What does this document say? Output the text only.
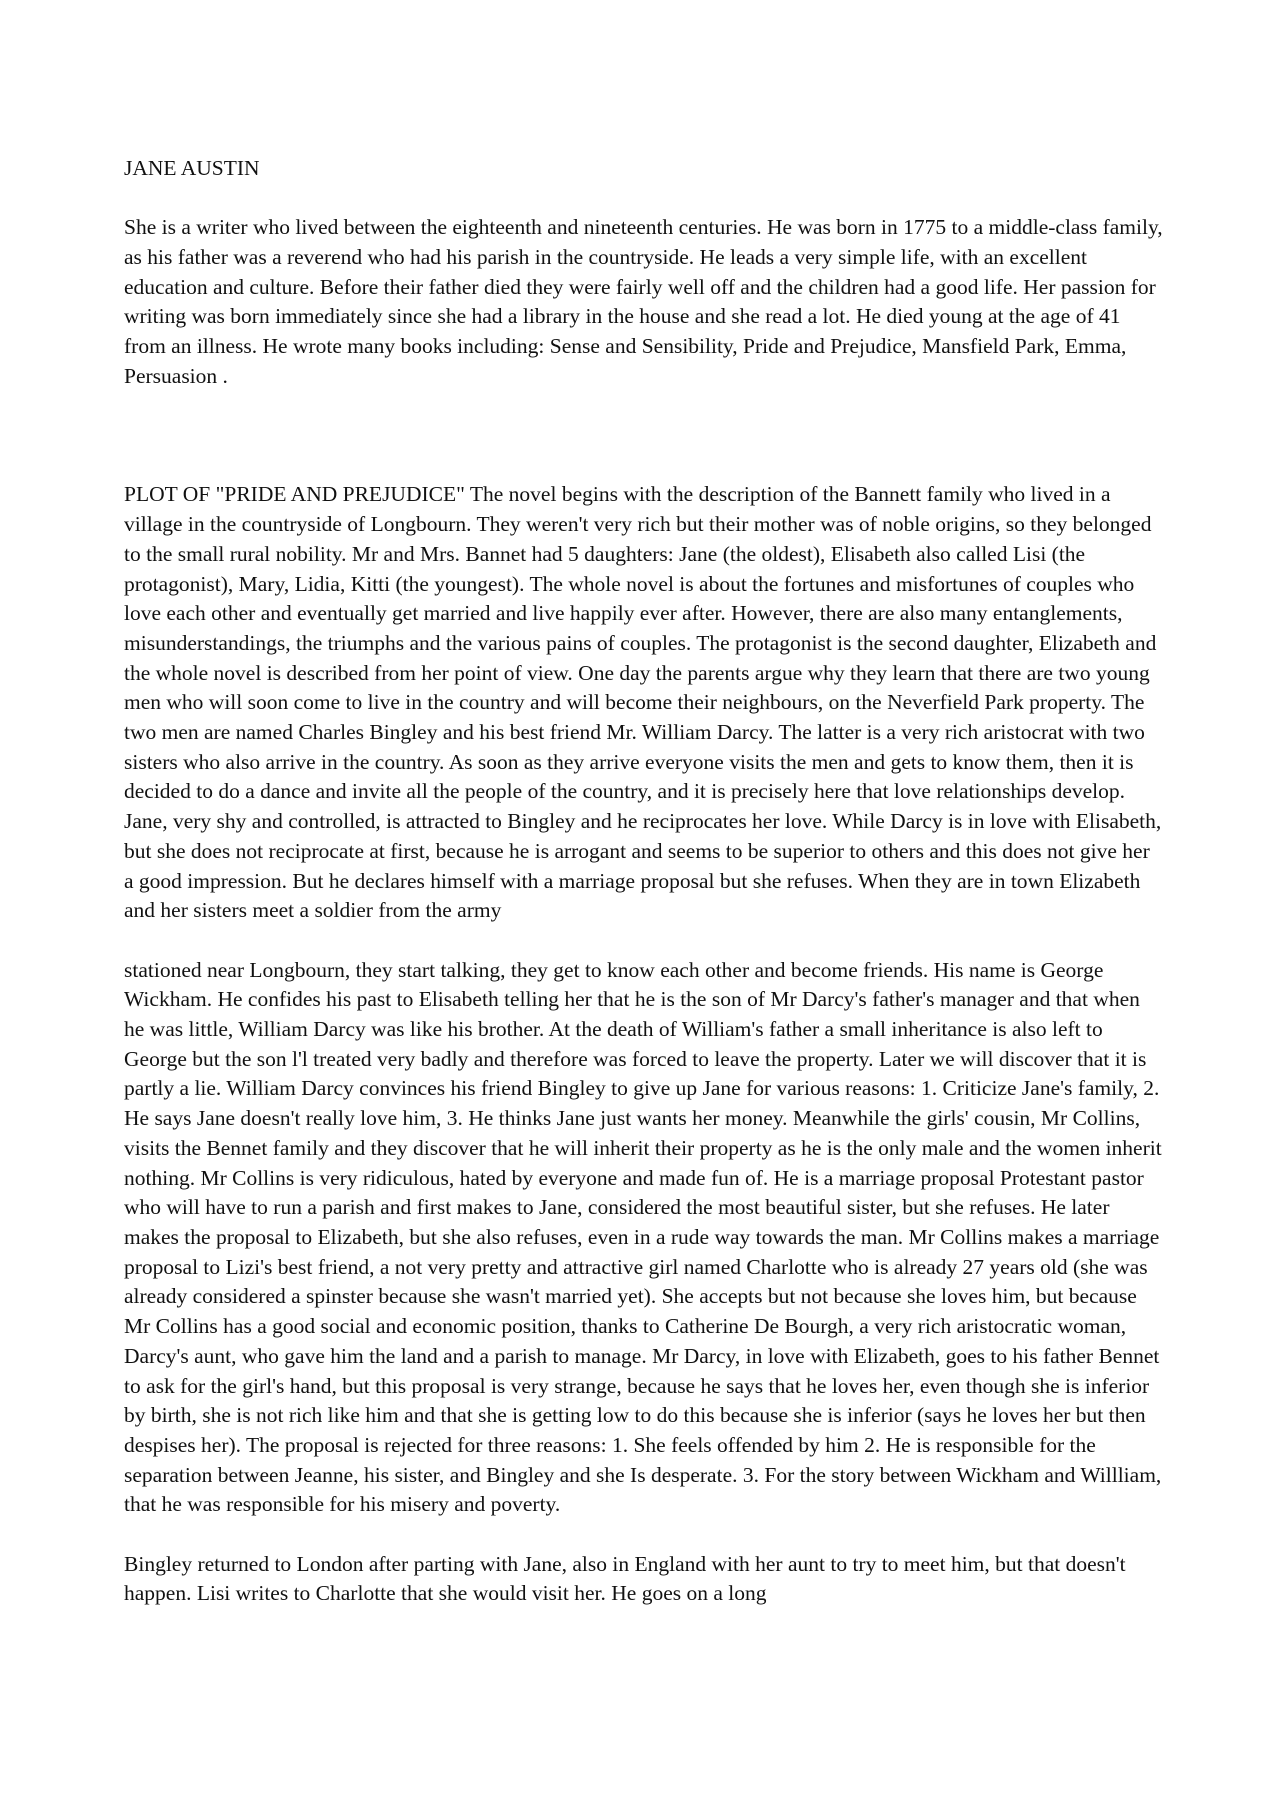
JANE AUSTIN

She is a writer who lived between the eighteenth and nineteenth centuries. He was born in 1775 to a middle-class family, as his father was a reverend who had his parish in the countryside. He leads a very simple life, with an excellent education and culture. Before their father died they were fairly well off and the children had a good life. Her passion for writing was born immediately since she had a library in the house and she read a lot. He died young at the age of 41 from an illness. He wrote many books including: Sense and Sensibility, Pride and Prejudice, Mansfield Park, Emma, Persuasion .

PLOT OF "PRIDE AND PREJUDICE" The novel begins with the description of the Bannett family who lived in a village in the countryside of Longbourn. They weren't very rich but their mother was of noble origins, so they belonged to the small rural nobility. Mr and Mrs. Bannet had 5 daughters: Jane (the oldest), Elisabeth also called Lisi (the protagonist), Mary, Lidia, Kitti (the youngest). The whole novel is about the fortunes and misfortunes of couples who love each other and eventually get married and live happily ever after. However, there are also many entanglements, misunderstandings, the triumphs and the various pains of couples. The protagonist is the second daughter, Elizabeth and the whole novel is described from her point of view. One day the parents argue why they learn that there are two young men who will soon come to live in the country and will become their neighbours, on the Neverfield Park property. The two men are named Charles Bingley and his best friend Mr. William Darcy. The latter is a very rich aristocrat with two sisters who also arrive in the country. As soon as they arrive everyone visits the men and gets to know them, then it is decided to do a dance and invite all the people of the country, and it is precisely here that love relationships develop. Jane, very shy and controlled, is attracted to Bingley and he reciprocates her love. While Darcy is in love with Elisabeth, but she does not reciprocate at first, because he is arrogant and seems to be superior to others and this does not give her a good impression. But he declares himself with a marriage proposal but she refuses. When they are in town Elizabeth and her sisters meet a soldier from the army

stationed near Longbourn, they start talking, they get to know each other and become friends. His name is George Wickham. He confides his past to Elisabeth telling her that he is the son of Mr Darcy's father's manager and that when he was little, William Darcy was like his brother. At the death of William's father a small inheritance is also left to George but the son l'l treated very badly and therefore was forced to leave the property. Later we will discover that it is partly a lie. William Darcy convinces his friend Bingley to give up Jane for various reasons: 1. Criticize Jane's family, 2. He says Jane doesn't really love him, 3. He thinks Jane just wants her money. Meanwhile the girls' cousin, Mr Collins, visits the Bennet family and they discover that he will inherit their property as he is the only male and the women inherit nothing. Mr Collins is very ridiculous, hated by everyone and made fun of. He is a marriage proposal Protestant pastor who will have to run a parish and first makes to Jane, considered the most beautiful sister, but she refuses. He later makes the proposal to Elizabeth, but she also refuses, even in a rude way towards the man. Mr Collins makes a marriage proposal to Lizi's best friend, a not very pretty and attractive girl named Charlotte who is already 27 years old (she was already considered a spinster because she wasn't married yet). She accepts but not because she loves him, but because Mr Collins has a good social and economic position, thanks to Catherine De Bourgh, a very rich aristocratic woman, Darcy's aunt, who gave him the land and a parish to manage. Mr Darcy, in love with Elizabeth, goes to his father Bennet to ask for the girl's hand, but this proposal is very strange, because he says that he loves her, even though she is inferior by birth, she is not rich like him and that she is getting low to do this because she is inferior (says he loves her but then despises her). The proposal is rejected for three reasons: 1. She feels offended by him 2. He is responsible for the separation between Jeanne, his sister, and Bingley and she Is desperate. 3. For the story between Wickham and Willliam, that he was responsible for his misery and poverty.

Bingley returned to London after parting with Jane, also in England with her aunt to try to meet him, but that doesn't happen. Lisi writes to Charlotte that she would visit her. He goes on a long
